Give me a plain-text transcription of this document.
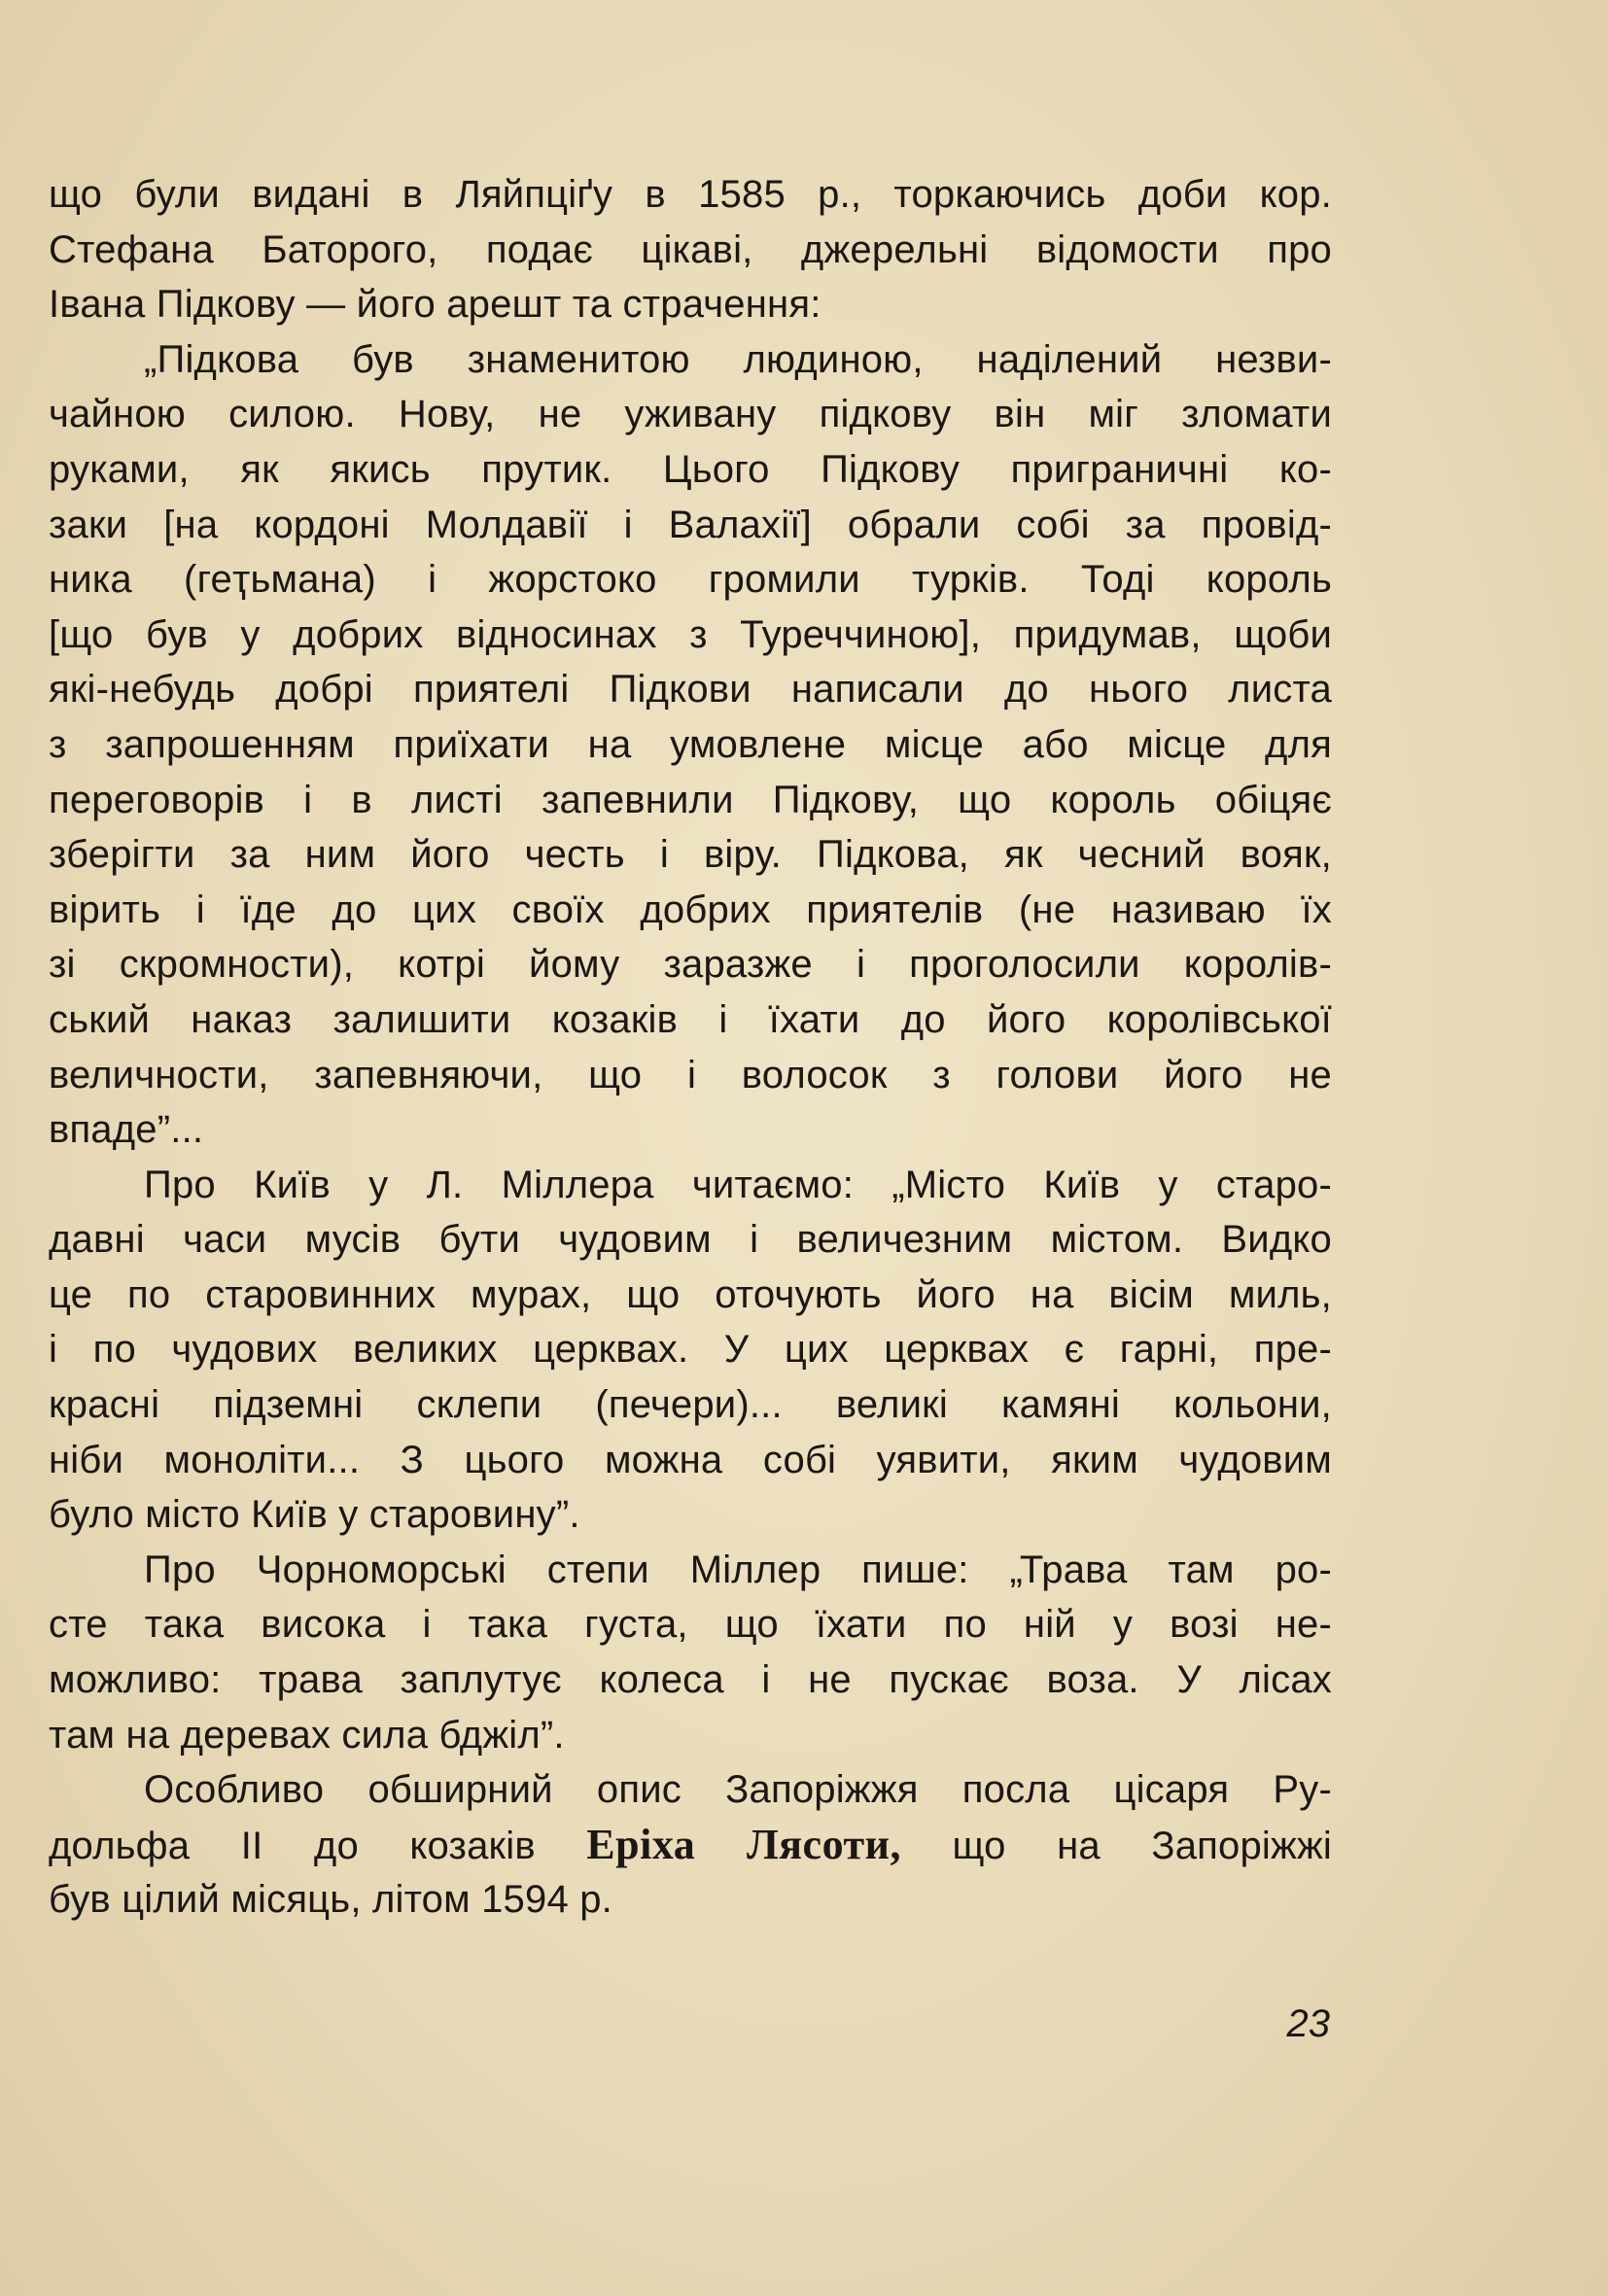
що були видані в Ляйпціґу в 1585 р., торкаючись доби кор.
Стефана Баторого, подає цікаві, джерельні відомости про
Івана Підкову — його арешт та страчення:
„Підкова був знаменитою людиною, наділений незви-
чайною силою. Нову, не уживану підкову він міг зломати
руками, як якись прутик. Цього Підкову пригpаничні ко-
заки [на кордоні Молдавії і Валахії] обрали собі за провід-
ника (геҭьмана) і жорстоко громили турків. Тоді король
[що був у добрих відносинах з Туреччиною], придумав, щоби
які-небудь добрі приятелі Підкови написали до нього листа
з запрошенням приїхати на умовлене місце або місце для
переговорів і в листі запевнили Підкову, що король обіцяє
зберігти за ним його честь і віру. Підкова, як чесний вояк,
вірить і їде до цих своїх добрих приятелів (не називаю їх
зі скромности), котрі йому заразже і проголосили королів-
ський наказ залишити козаків і їхати до його королівської
величности, запевняючи, що і волосок з голови його не
впаде”...
Про Київ у Л. Міллера читаємо: „Місто Київ у старо-
давні часи мусів бути чудовим і величезним містом. Видко
це по старовинних мурах, що оточують його на вісім миль,
і по чудових великих церквах. У цих церквах є гарні, пре-
красні підземні склепи (печери)... великі камяні кольони,
ніби моноліти... З цього можна собі уявити, яким чудовим
було місто Київ у старовину”.
Про Чорноморські степи Міллер пише: „Трава там ро-
сте така висока і така густа, що їхати по ній у возі не-
можливо: трава заплутує колеса і не пускає воза. У лісах
там на деревах сила бджіл”.
Особливо обширний опис Запоріжжя посла цісаря Ру-
дольфа II до козаків Еріха Лясоти, що на Запоріжжі
був цілий місяць, літом 1594 р.
23
